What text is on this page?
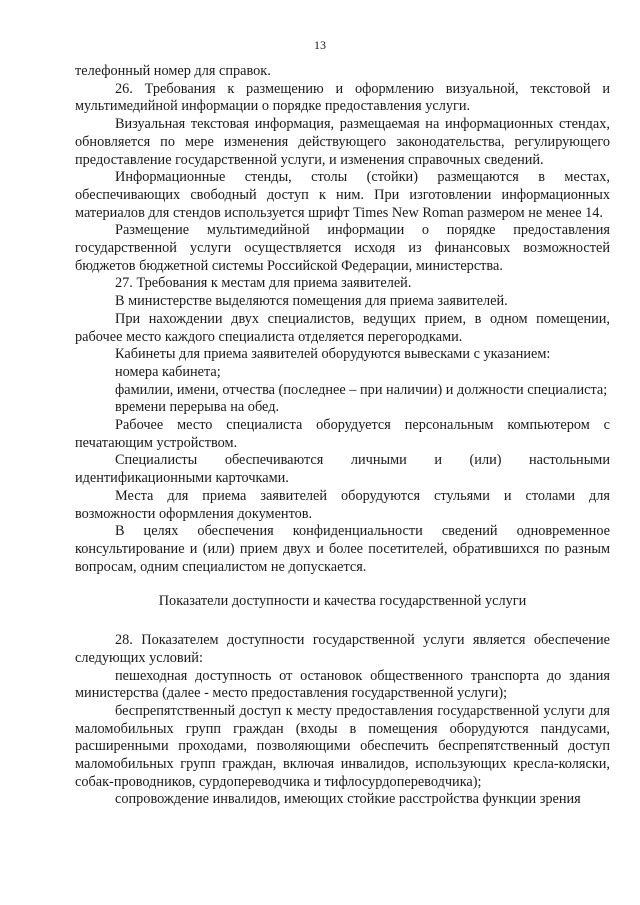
13

телефонный номер для справок.

26. Требования к размещению и оформлению визуальной, текстовой и мультимедийной информации о порядке предоставления услуги.

Визуальная текстовая информация, размещаемая на информационных стендах, обновляется по мере изменения действующего законодательства, регулирующего предоставление государственной услуги, и изменения справочных сведений.

Информационные стенды, столы (стойки) размещаются в местах, обеспечивающих свободный доступ к ним. При изготовлении информационных материалов для стендов используется шрифт Times New Roman размером не менее 14.

Размещение мультимедийной информации о порядке предоставления государственной услуги осуществляется исходя из финансовых возможностей бюджетов бюджетной системы Российской Федерации, министерства.

27. Требования к местам для приема заявителей.

В министерстве выделяются помещения для приема заявителей.

При нахождении двух специалистов, ведущих прием, в одном помещении, рабочее место каждого специалиста отделяется перегородками.

Кабинеты для приема заявителей оборудуются вывесками с указанием:

номера кабинета;

фамилии, имени, отчества (последнее – при наличии) и должности специалиста;

времени перерыва на обед.

Рабочее место специалиста оборудуется персональным компьютером с печатающим устройством.

Специалисты обеспечиваются личными и (или) настольными идентификационными карточками.

Места для приема заявителей оборудуются стульями и столами для возможности оформления документов.

В целях обеспечения конфиденциальности сведений одновременное консультирование и (или) прием двух и более посетителей, обратившихся по разным вопросам, одним специалистом не допускается.

Показатели доступности и качества государственной услуги

28. Показателем доступности государственной услуги является обеспечение следующих условий:

пешеходная доступность от остановок общественного транспорта до здания министерства (далее - место предоставления государственной услуги);

беспрепятственный доступ к месту предоставления государственной услуги для маломобильных групп граждан (входы в помещения оборудуются пандусами, расширенными проходами, позволяющими обеспечить беспрепятственный доступ маломобильных групп граждан, включая инвалидов, использующих кресла-коляски, собак-проводников, сурдопереводчика и тифлосурдопереводчика);

сопровождение инвалидов, имеющих стойкие расстройства функции зрения
